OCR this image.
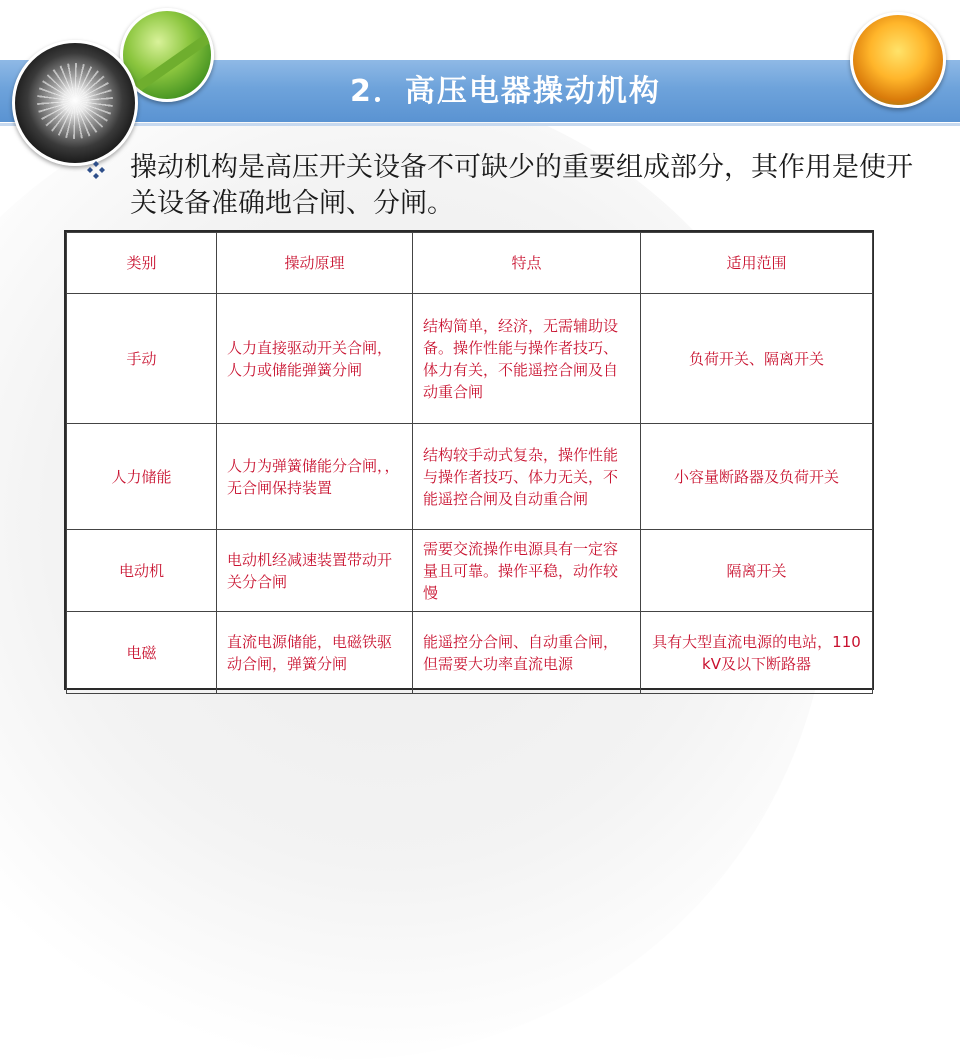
2．高压电器操动机构
操动机构是高压开关设备不可缺少的重要组成部分，其作用是使开关设备准确地合闸、分闸。
类别	操动原理	特点	适用范围
手动	人力直接驱动开关合闸，人力或储能弹簧分闸	结构简单，经济，无需辅助设备。操作性能与操作者技巧、体力有关，不能遥控合闸及自动重合闸	负荷开关、隔离开关
人力储能	人力为弹簧储能分合闸，，无合闸保持装置	结构较手动式复杂，操作性能与操作者技巧、体力无关，不能遥控合闸及自动重合闸	小容量断路器及负荷开关
电动机	电动机经减速装置带动开关分合闸	需要交流操作电源具有一定容量且可靠。操作平稳，动作较慢	隔离开关
电磁	直流电源储能，电磁铁驱动合闸，弹簧分闸	能遥控分合闸、自动重合闸，但需要大功率直流电源	具有大型直流电源的电站，110kV及以下断路器
